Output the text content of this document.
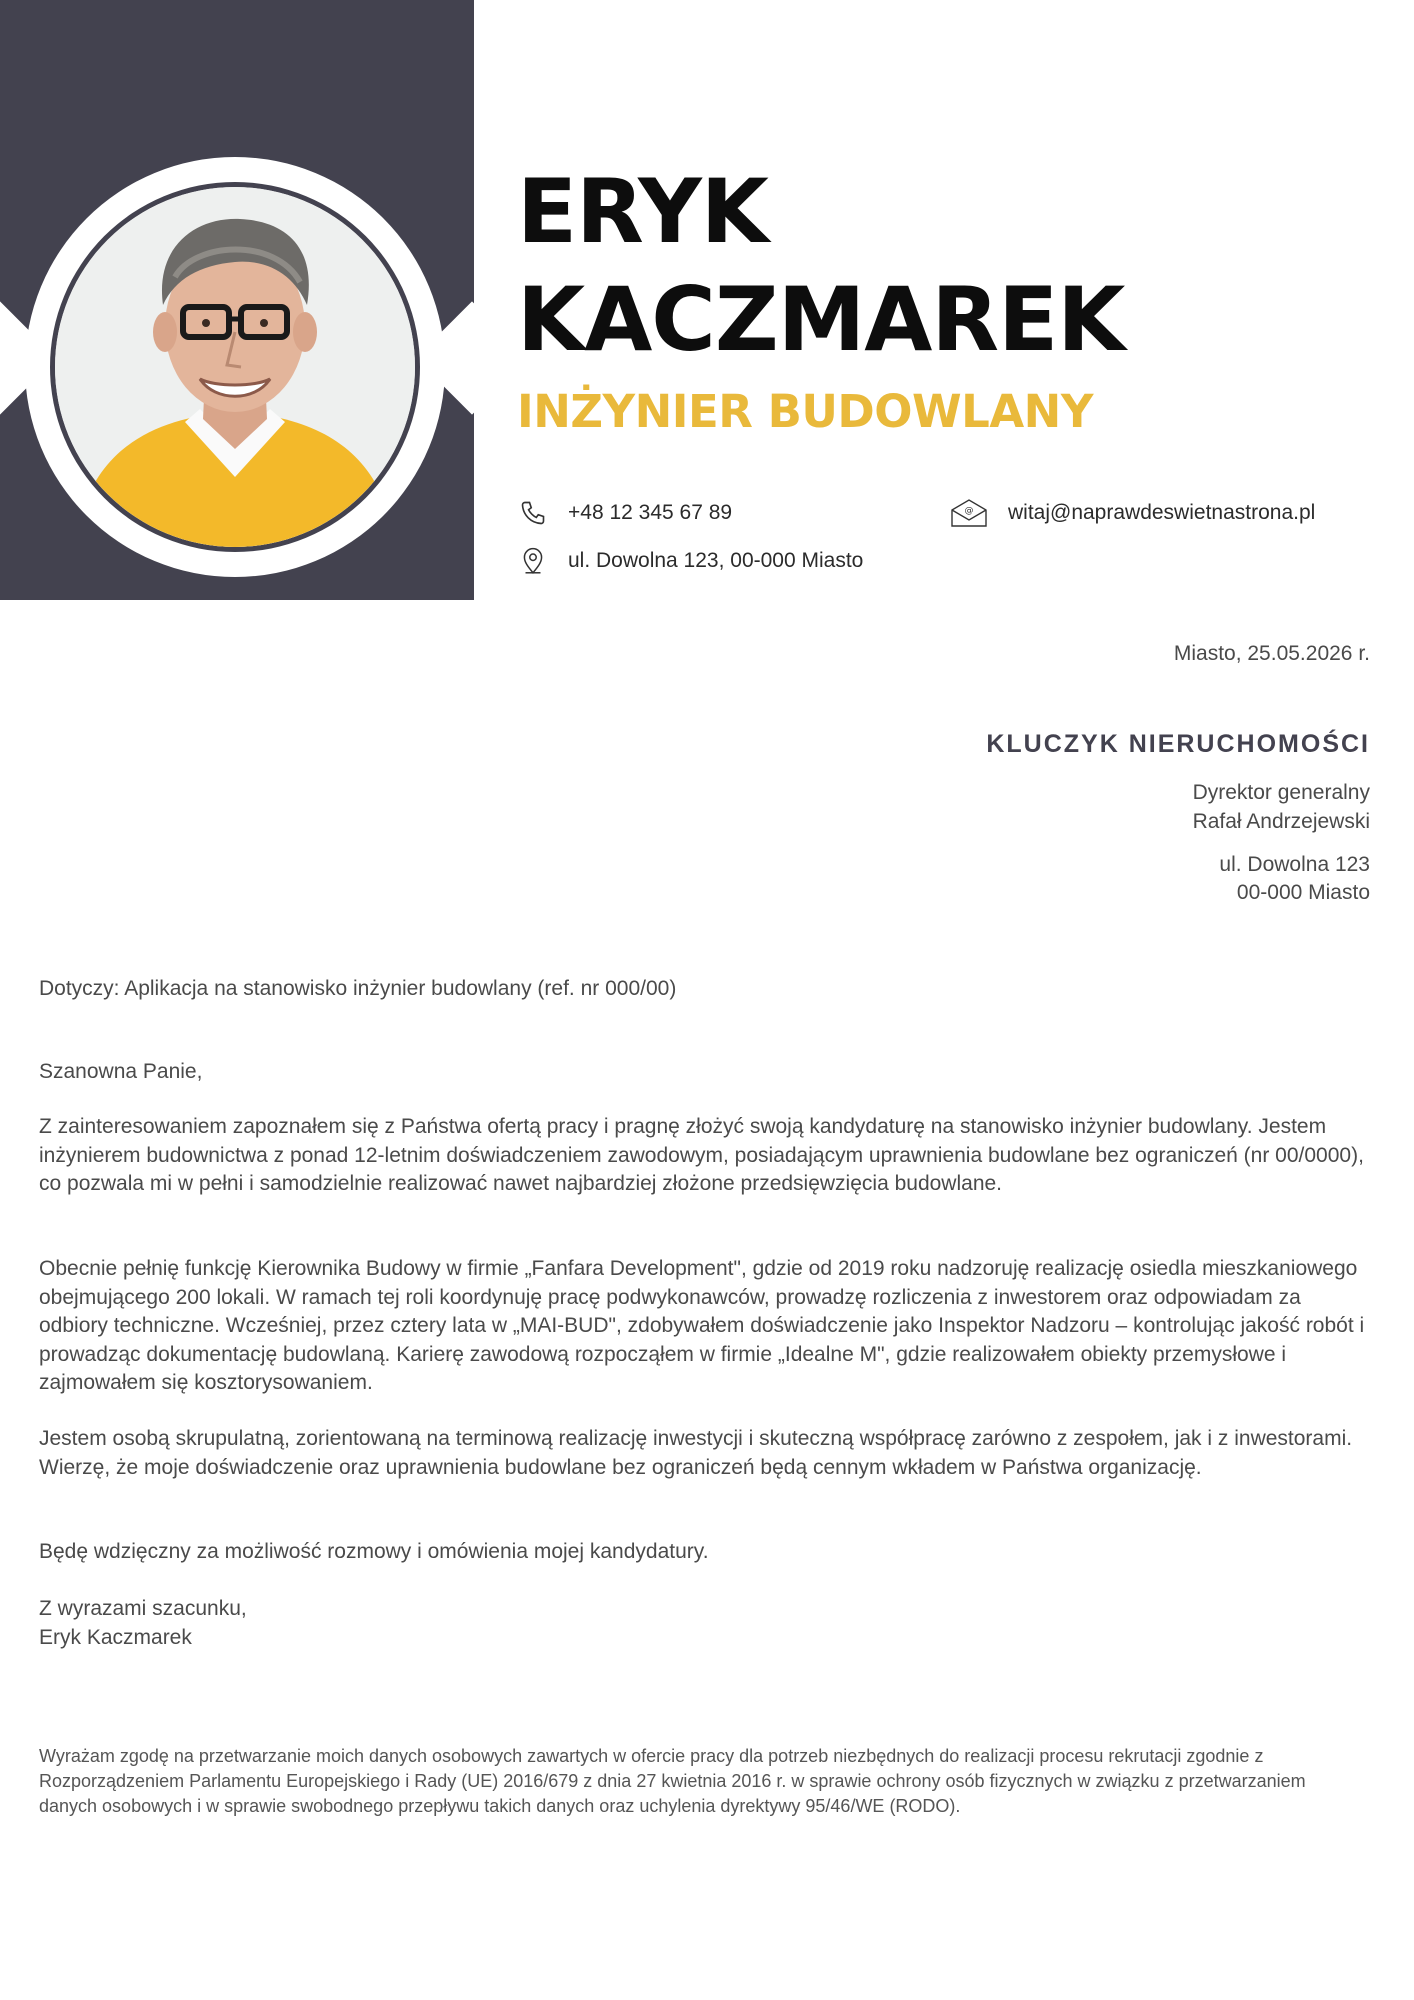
ERYK
KACZMAREK
INŻYNIER BUDOWLANY
+48 12 345 67 89
ul. Dowolna 123, 00-000 Miasto
@ witaj@naprawdeswietnastrona.pl
Miasto, 25.05.2026 r.
KLUCZYK NIERUCHOMOŚCI
Dyrektor generalny
Rafał Andrzejewski
ul. Dowolna 123
00-000 Miasto
Dotyczy: Aplikacja na stanowisko inżynier budowlany (ref. nr 000/00)
Szanowna Panie,
Z zainteresowaniem zapoznałem się z Państwa ofertą pracy i pragnę złożyć swoją kandydaturę na stanowisko inżynier budowlany. Jestem inżynierem budownictwa z ponad 12-letnim doświadczeniem zawodowym, posiadającym uprawnienia budowlane bez ograniczeń (nr 00/0000), co pozwala mi w pełni i samodzielnie realizować nawet najbardziej złożone przedsięwzięcia budowlane.
Obecnie pełnię funkcję Kierownika Budowy w firmie „Fanfara Development", gdzie od 2019 roku nadzoruję realizację osiedla mieszkaniowego obejmującego 200 lokali. W ramach tej roli koordynuję pracę podwykonawców, prowadzę rozliczenia z inwestorem oraz odpowiadam za odbiory techniczne. Wcześniej, przez cztery lata w „MAI-BUD", zdobywałem doświadczenie jako Inspektor Nadzoru – kontrolując jakość robót i prowadząc dokumentację budowlaną. Karierę zawodową rozpocząłem w firmie „Idealne M", gdzie realizowałem obiekty przemysłowe i zajmowałem się kosztorysowaniem.
Jestem osobą skrupulatną, zorientowaną na terminową realizację inwestycji i skuteczną współpracę zarówno z zespołem, jak i z inwestorami. Wierzę, że moje doświadczenie oraz uprawnienia budowlane bez ograniczeń będą cennym wkładem w Państwa organizację.
Będę wdzięczny za możliwość rozmowy i omówienia mojej kandydatury.
Z wyrazami szacunku,
Eryk Kaczmarek
Wyrażam zgodę na przetwarzanie moich danych osobowych zawartych w ofercie pracy dla potrzeb niezbędnych do realizacji procesu rekrutacji zgodnie z Rozporządzeniem Parlamentu Europejskiego i Rady (UE) 2016/679 z dnia 27 kwietnia 2016 r. w sprawie ochrony osób fizycznych w związku z przetwarzaniem danych osobowych i w sprawie swobodnego przepływu takich danych oraz uchylenia dyrektywy 95/46/WE (RODO).
